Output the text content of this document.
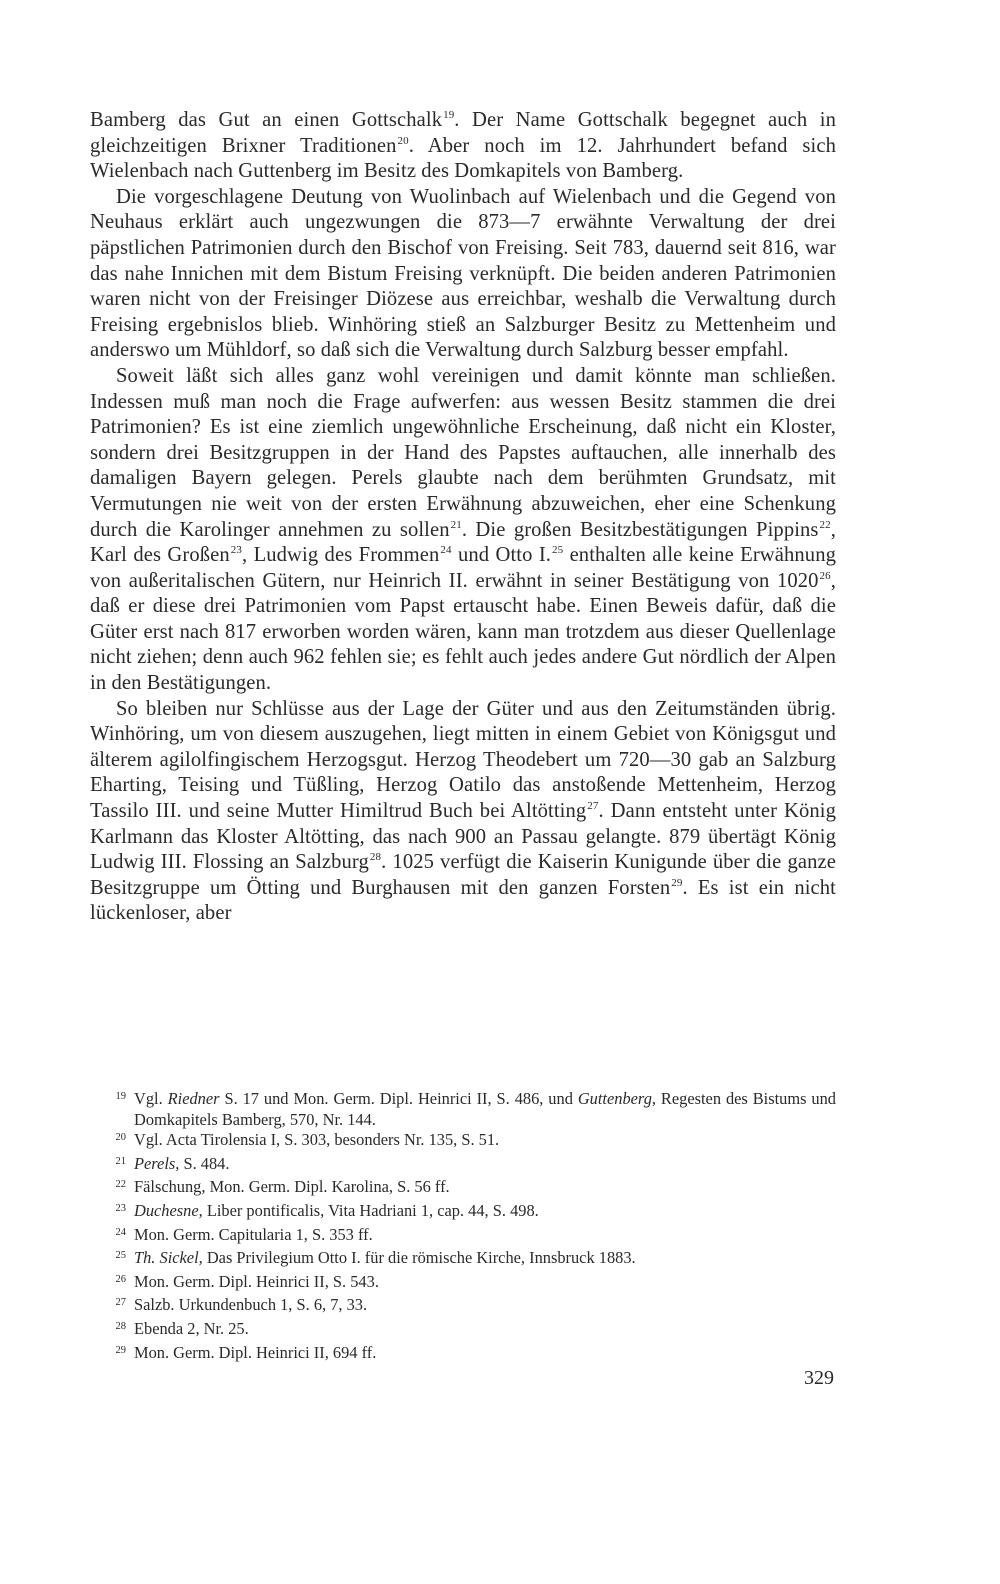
Bamberg das Gut an einen Gottschalk$^{19}$. Der Name Gottschalk begegnet auch in gleichzeitigen Brixner Traditionen$^{20}$. Aber noch im 12. Jahrhundert befand sich Wielenbach nach Guttenberg im Besitz des Domkapitels von Bamberg.

Die vorgeschlagene Deutung von Wuolinbach auf Wielenbach und die Gegend von Neuhaus erklärt auch ungezwungen die 873—7 erwähnte Verwaltung der drei päpstlichen Patrimonien durch den Bischof von Freising. Seit 783, dauernd seit 816, war das nahe Innichen mit dem Bistum Freising verknüpft. Die beiden anderen Patrimonien waren nicht von der Freisinger Diözese aus erreichbar, weshalb die Verwaltung durch Freising ergebnislos blieb. Winhöring stieß an Salzburger Besitz zu Mettenheim und anderswo um Mühldorf, so daß sich die Verwaltung durch Salzburg besser empfahl.

Soweit läßt sich alles ganz wohl vereinigen und damit könnte man schließen. Indessen muß man noch die Frage aufwerfen: aus wessen Besitz stammen die drei Patrimonien? Es ist eine ziemlich ungewöhnliche Erscheinung, daß nicht ein Kloster, sondern drei Besitzgruppen in der Hand des Papstes auftauchen, alle innerhalb des damaligen Bayern gelegen. Perels glaubte nach dem berühmten Grundsatz, mit Vermutungen nie weit von der ersten Erwähnung abzuweichen, eher eine Schenkung durch die Karolinger annehmen zu sollen$^{21}$. Die großen Besitzbestätigungen Pippins$^{22}$, Karl des Großen$^{23}$, Ludwig des Frommen$^{24}$ und Otto I.$^{25}$ enthalten alle keine Erwähnung von außeritalischen Gütern, nur Heinrich II. erwähnt in seiner Bestätigung von 1020$^{26}$, daß er diese drei Patrimonien vom Papst ertauscht habe. Einen Beweis dafür, daß die Güter erst nach 817 erworben worden wären, kann man trotzdem aus dieser Quellenlage nicht ziehen; denn auch 962 fehlen sie; es fehlt auch jedes andere Gut nördlich der Alpen in den Bestätigungen.

So bleiben nur Schlüsse aus der Lage der Güter und aus den Zeitumständen übrig. Winhöring, um von diesem auszugehen, liegt mitten in einem Gebiet von Königsgut und älterem agilolfingischem Herzogsgut. Herzog Theodebert um 720—30 gab an Salzburg Eharting, Teising und Tüßling, Herzog Oatilo das anstoßende Mettenheim, Herzog Tassilo III. und seine Mutter Himiltrud Buch bei Altötting$^{27}$. Dann entsteht unter König Karlmann das Kloster Altötting, das nach 900 an Passau gelangte. 879 übertägt König Ludwig III. Flossing an Salzburg$^{28}$. 1025 verfügt die Kaiserin Kunigunde über die ganze Besitzgruppe um Ötting und Burghausen mit den ganzen Forsten$^{29}$. Es ist ein nicht lückenloser, aber

19 Vgl. Riedner S. 17 und Mon. Germ. Dipl. Heinrici II, S. 486, und Guttenberg, Regesten des Bistums und Domkapitels Bamberg, 570, Nr. 144.
20 Vgl. Acta Tirolensia I, S. 303, besonders Nr. 135, S. 51.
21 Perels, S. 484.
22 Fälschung, Mon. Germ. Dipl. Karolina, S. 56 ff.
23 Duchesne, Liber pontificalis, Vita Hadriani 1, cap. 44, S. 498.
24 Mon. Germ. Capitularia 1, S. 353 ff.
25 Th. Sickel, Das Privilegium Otto I. für die römische Kirche, Innsbruck 1883.
26 Mon. Germ. Dipl. Heinrici II, S. 543.
27 Salzb. Urkundenbuch 1, S. 6, 7, 33.
28 Ebenda 2, Nr. 25.
29 Mon. Germ. Dipl. Heinrici II, 694 ff.
329
